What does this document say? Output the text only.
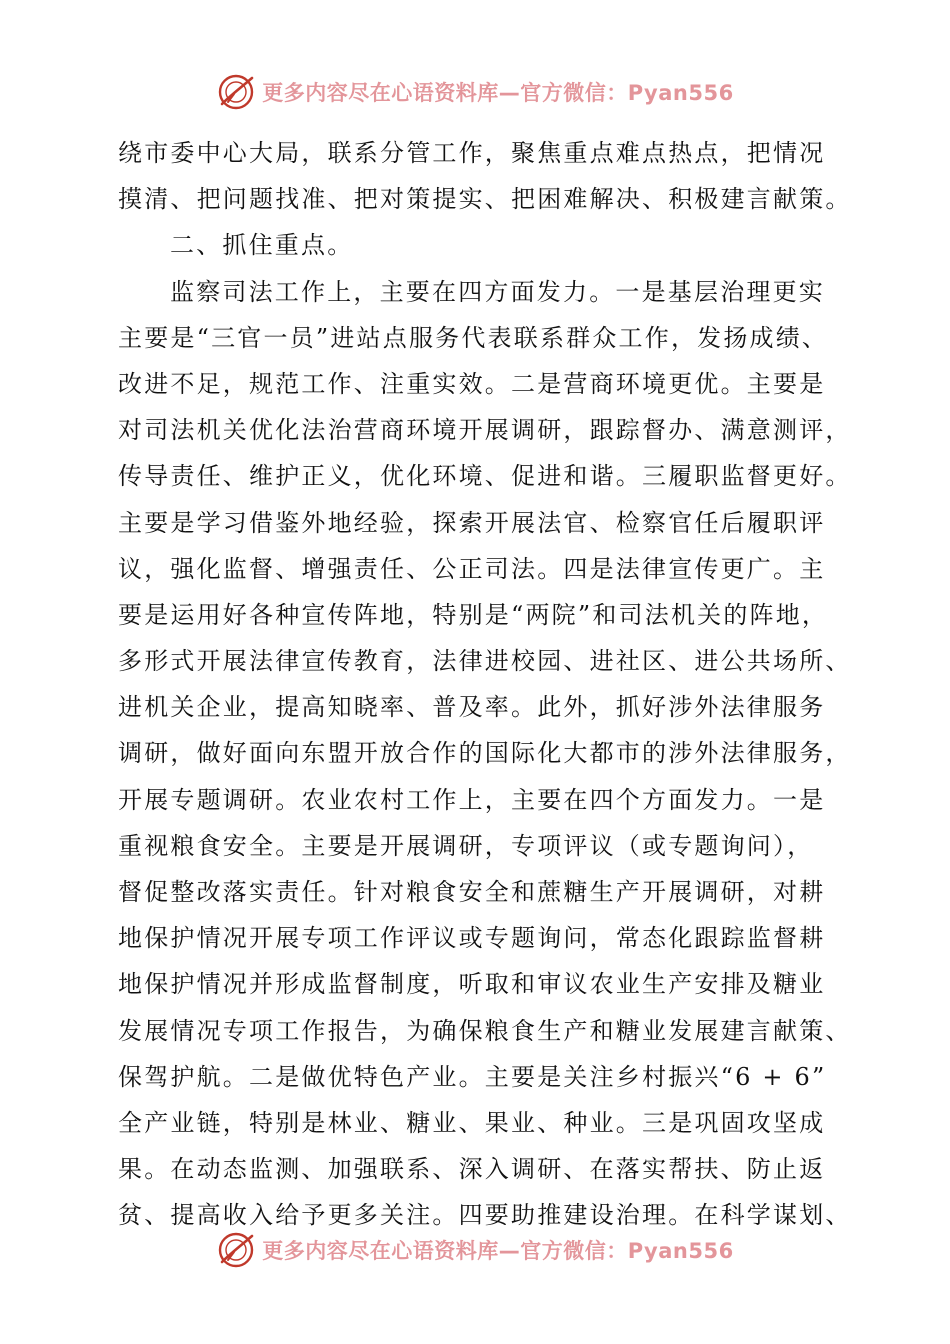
更多内容尽在心语资料库—官方微信：Pyan556
绕市委中心大局，联系分管工作，聚焦重点难点热点，把情况
摸清、把问题找准、把对策提实、把困难解决、积极建言献策。
二、抓住重点。
监察司法工作上，主要在四方面发力。一是基层治理更实
主要是“三官一员”进站点服务代表联系群众工作，发扬成绩、
改进不足，规范工作、注重实效。二是营商环境更优。主要是
对司法机关优化法治营商环境开展调研，跟踪督办、满意测评，
传导责任、维护正义，优化环境、促进和谐。三履职监督更好。
主要是学习借鉴外地经验，探索开展法官、检察官任后履职评
议，强化监督、增强责任、公正司法。四是法律宣传更广。主
要是运用好各种宣传阵地，特别是“两院”和司法机关的阵地，
多形式开展法律宣传教育，法律进校园、进社区、进公共场所、
进机关企业，提高知晓率、普及率。此外，抓好涉外法律服务
调研，做好面向东盟开放合作的国际化大都市的涉外法律服务，
开展专题调研。农业农村工作上，主要在四个方面发力。一是
重视粮食安全。主要是开展调研，专项评议（或专题询问），
督促整改落实责任。针对粮食安全和蔗糖生产开展调研，对耕
地保护情况开展专项工作评议或专题询问，常态化跟踪监督耕
地保护情况并形成监督制度，听取和审议农业生产安排及糖业
发展情况专项工作报告，为确保粮食生产和糖业发展建言献策、
保驾护航。二是做优特色产业。主要是关注乡村振兴“6 + 6”
全产业链，特别是林业、糖业、果业、种业。三是巩固攻坚成
果。在动态监测、加强联系、深入调研、在落实帮扶、防止返
贫、提高收入给予更多关注。四要助推建设治理。在科学谋划、
更多内容尽在心语资料库—官方微信：Pyan556
